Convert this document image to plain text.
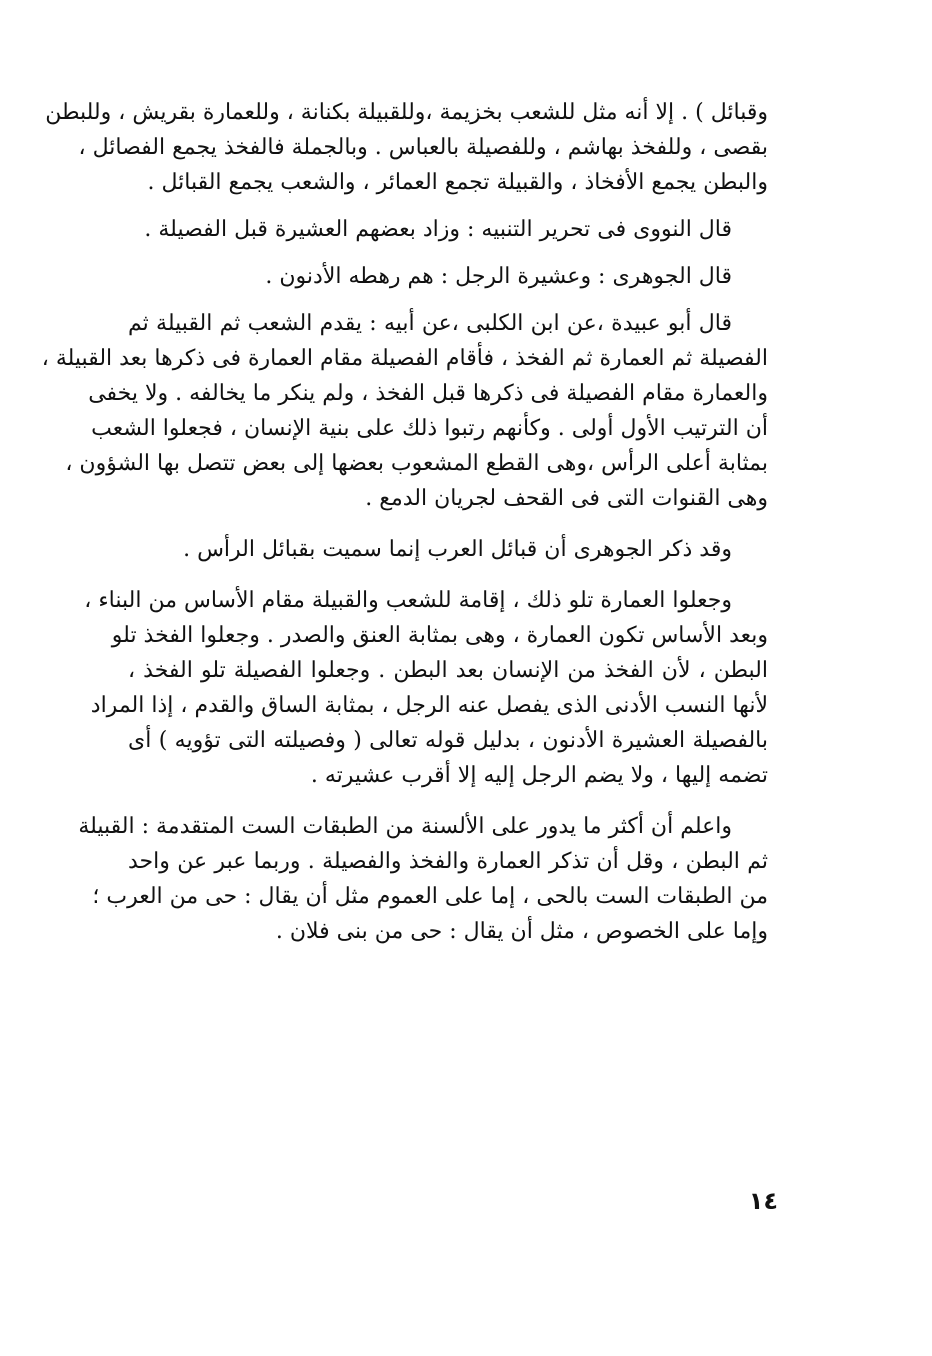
وقبائل ) . إلا أنه مثل للشعب بخزيمة ،وللقبيلة بكنانة ، وللعمارة بقريش ، وللبطن
بقصى ، وللفخذ بهاشم ، وللفصيلة بالعباس . وبالجملة فالفخذ يجمع الفصائل ،
والبطن يجمع الأفخاذ ، والقبيلة تجمع العمائر ، والشعب يجمع القبائل .

قال النووى فى تحرير التنبيه : وزاد بعضهم العشيرة قبل الفصيلة .

قال الجوهرى : وعشيرة الرجل : هم رهطه الأدنون .

قال أبو عبيدة ،عن ابن الكلبى ،عن أبيه : يقدم الشعب ثم القبيلة ثم
الفصيلة ثم العمارة ثم الفخذ ، فأقام الفصيلة مقام العمارة فى ذكرها بعد القبيلة ،
والعمارة مقام الفصيلة فى ذكرها قبل الفخذ ، ولم ينكر ما يخالفه . ولا يخفى
أن الترتيب الأول أولى . وكأنهم رتبوا ذلك على بنية الإنسان ، فجعلوا الشعب
بمثابة أعلى الرأس ،وهى القطع المشعوب بعضها إلى بعض تتصل بها الشؤون ،
وهى القنوات التى فى القحف لجريان الدمع .

وقد ذكر الجوهرى أن قبائل العرب إنما سميت بقبائل الرأس .

وجعلوا العمارة تلو ذلك ، إقامة للشعب والقبيلة مقام الأساس من البناء ،
وبعد الأساس تكون العمارة ، وهى بمثابة العنق والصدر . وجعلوا الفخذ تلو
البطن ، لأن الفخذ من الإنسان بعد البطن . وجعلوا الفصيلة تلو الفخذ ،
لأنها النسب الأدنى الذى يفصل عنه الرجل ، بمثابة الساق والقدم ، إذا المراد
بالفصيلة العشيرة الأدنون ، بدليل قوله تعالى ( وفصيلته التى تؤويه ) أى
تضمه إليها ، ولا يضم الرجل إليه إلا أقرب عشيرته .

واعلم أن أكثر ما يدور على الألسنة من الطبقات الست المتقدمة : القبيلة
ثم البطن ، وقل أن تذكر العمارة والفخذ والفصيلة . وربما عبر عن واحد
من الطبقات الست بالحى ، إما على العموم مثل أن يقال : حى من العرب ؛
وإما على الخصوص ، مثل أن يقال : حى من بنى فلان .

١٤
